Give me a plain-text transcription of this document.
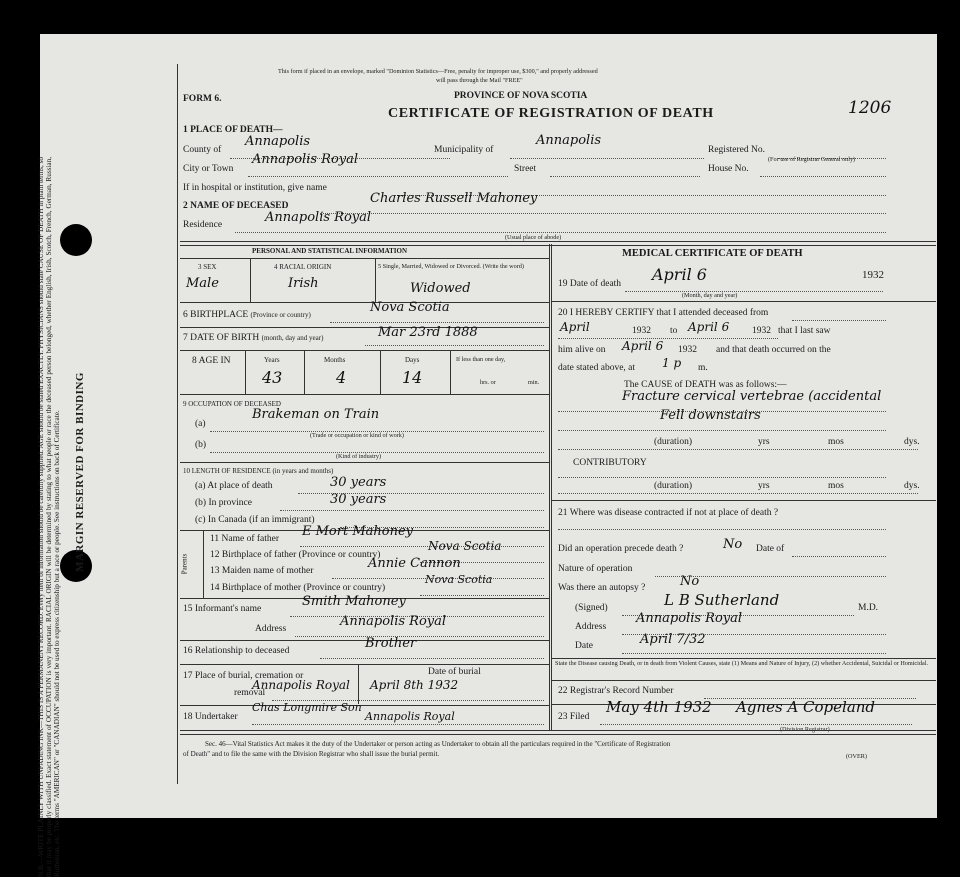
N.B.—WRITE PLAINLY WITH UNFADING INK—THIS IS A PERMANENT RECORD. Every item of information should be carefully supplied. AGE should be stated EXACTLY. PHYSICIANS should state CAUSE OF DEATH in plain terms, so that it may be properly classified. Exact statement of OCCUPATION is very important. RACIAL ORIGIN will be determined by stating to what people or race the deceased person belonged, whether English, Irish, Scotch, French, German, Russian, Ruthenian, etc. The terms "AMERICAN" or "CANADIAN" should not be used to express citizenship but a race or people. See instructions on back of Certificate.	MARGIN RESERVED FOR BINDING
This form if placed in an envelope, marked "Dominion Statistics—Free, penalty for improper use, $300," and properly addressed
will pass through the Mail "FREE"
FORM 6.	PROVINCE OF NOVA SCOTIA
CERTIFICATE OF REGISTRATION OF DEATH	1206
1 PLACE OF DEATH—
County of
Annapolis
Municipality of
Annapolis
Registered No.
(For use of Registrar General only)
City or Town
Annapolis Royal
Street	House No.
If in hospital or institution, give name
2 NAME OF DECEASED	Charles Russell Mahoney
Residence	Annapolis Royal
(Usual place of abode)
PERSONAL AND STATISTICAL INFORMATION
3 SEX
Male
4 RACIAL ORIGIN
Irish
5 Single, Married, Widowed or Divorced. (Write the word)
Widowed
6 BIRTHPLACE (Province or country)	Nova Scotia
7 DATE OF BIRTH (month, day and year)	Mar 23rd 1888
8 AGE IN	Years	Months	Days
43	4	14
If less than one day,
hrs. or	min.
9 OCCUPATION OF DECEASED
(a)
Brakeman on Train
(Trade or occupation or kind of work)
(b)
(Kind of industry)
10 LENGTH OF RESIDENCE (in years and months)
(a) At place of death	30 years
(b) In province	30 years
(c) In Canada (if an immigrant)
Parents
11 Name of father E Mort Mahoney
12 Birthplace of father (Province or country)
Nova Scotia
13 Maiden name of mother	Annie Cannon
14 Birthplace of mother (Province or country)
Nova Scotia
15 Informant's name	Smith Mahoney
Address	Annapolis Royal
16 Relationship to deceased	Brother
17 Place of burial, cremation or
removal
Annapolis Royal
Date of burial
April 8th 1932
18 Undertaker
Chas Longmire Son
Annapolis Royal
MEDICAL CERTIFICATE OF DEATH
19 Date of death April 6	1932
(Month, day and year)
20 I HEREBY CERTIFY that I attended deceased from
April	1932 to April 6 1932 that I last saw
him alive on April 6 1932 and that death occurred on the
date stated above, at 1 p m.
The CAUSE of DEATH was as follows:—
Fracture cervical vertebrae (accidental
Fell downstairs
(duration)	yrs	mos	dys.
CONTRIBUTORY
(duration)	yrs	mos	dys.
21 Where was disease contracted if not at place of death ?
Did an operation precede death ?	No Date of
Nature of operation
Was there an autopsy ?	No
(Signed)	L B Sutherland	M.D.
Address
Annapolis Royal
Date	April 7/32
State the Disease causing Death, or in death from Violent Causes, state (1) Means and Nature of Injury, (2) whether Accidental, Suicidal or Homicidal.
22 Registrar's Record Number
23 Filed
May 4th 1932 Agnes A Copeland
(Division Registrar)
Sec. 46—Vital Statistics Act makes it the duty of the Undertaker or person acting as Undertaker to obtain all the particulars required in the "Certificate of Registration
of Death" and to file the same with the Division Registrar who shall issue the burial permit.	(OVER)
